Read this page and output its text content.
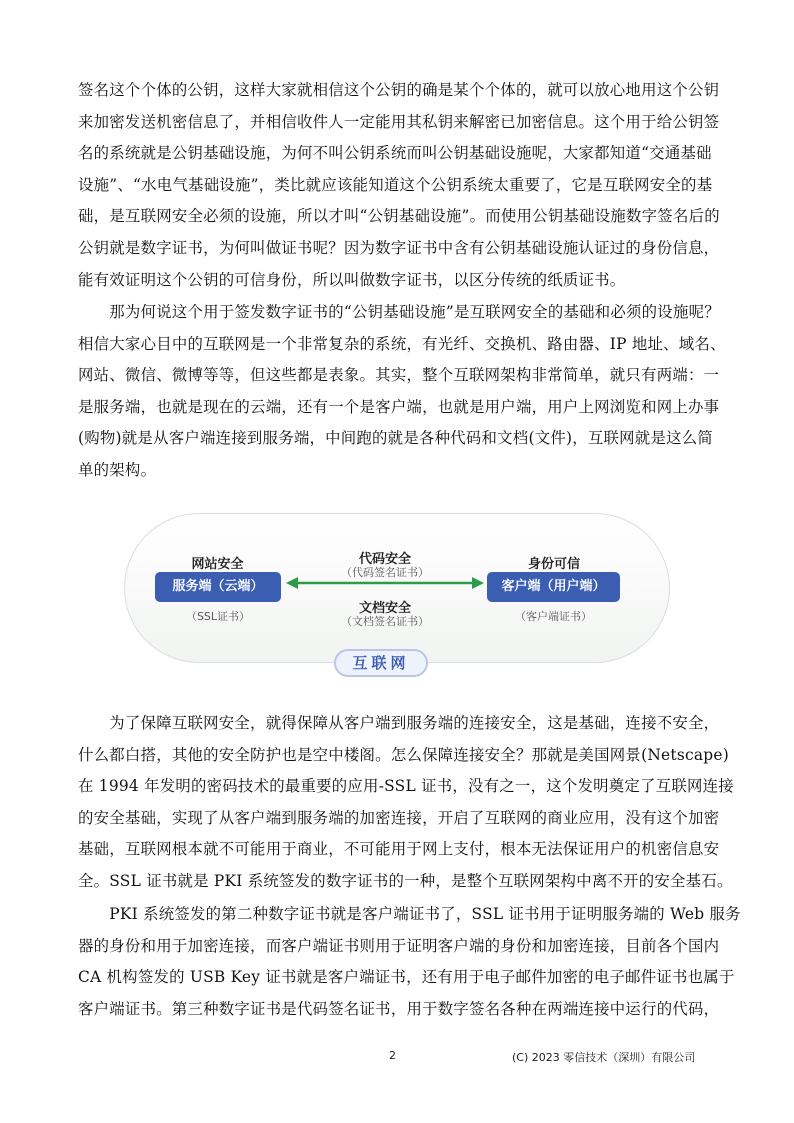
签名这个个体的公钥，这样大家就相信这个公钥的确是某个个体的，就可以放心地用这个公钥
来加密发送机密信息了，并相信收件人一定能用其私钥来解密已加密信息。这个用于给公钥签
名的系统就是公钥基础设施，为何不叫公钥系统而叫公钥基础设施呢，大家都知道“交通基础
设施”、“水电气基础设施”，类比就应该能知道这个公钥系统太重要了，它是互联网安全的基
础，是互联网安全必须的设施，所以才叫“公钥基础设施”。而使用公钥基础设施数字签名后的
公钥就是数字证书，为何叫做证书呢？因为数字证书中含有公钥基础设施认证过的身份信息，
能有效证明这个公钥的可信身份，所以叫做数字证书，以区分传统的纸质证书。
　　那为何说这个用于签发数字证书的“公钥基础设施”是互联网安全的基础和必须的设施呢？
相信大家心目中的互联网是一个非常复杂的系统，有光纤、交换机、路由器、IP 地址、域名、
网站、微信、微博等等，但这些都是表象。其实，整个互联网架构非常简单，就只有两端：一
是服务端，也就是现在的云端，还有一个是客户端，也就是用户端，用户上网浏览和网上办事
(购物)就是从客户端连接到服务端，中间跑的就是各种代码和文档(文件)，互联网就是这么简
单的架构。
网站安全
服务端（云端）
（SSL证书）
代码安全
（代码签名证书）
文档安全
（文档签名证书）
身份可信
客户端（用户端）
（客户端证书）
互联网
　　为了保障互联网安全，就得保障从客户端到服务端的连接安全，这是基础，连接不安全，
什么都白搭，其他的安全防护也是空中楼阁。怎么保障连接安全？那就是美国网景(Netscape)
在 1994 年发明的密码技术的最重要的应用-SSL 证书，没有之一，这个发明奠定了互联网连接
的安全基础，实现了从客户端到服务端的加密连接，开启了互联网的商业应用，没有这个加密
基础，互联网根本就不可能用于商业，不可能用于网上支付，根本无法保证用户的机密信息安
全。SSL 证书就是 PKI 系统签发的数字证书的一种，是整个互联网架构中离不开的安全基石。
　　PKI 系统签发的第二种数字证书就是客户端证书了，SSL 证书用于证明服务端的 Web 服务
器的身份和用于加密连接，而客户端证书则用于证明客户端的身份和加密连接，目前各个国内
CA 机构签发的 USB Key 证书就是客户端证书，还有用于电子邮件加密的电子邮件证书也属于
客户端证书。第三种数字证书是代码签名证书，用于数字签名各种在两端连接中运行的代码，
2	(C) 2023 零信技术（深圳）有限公司
